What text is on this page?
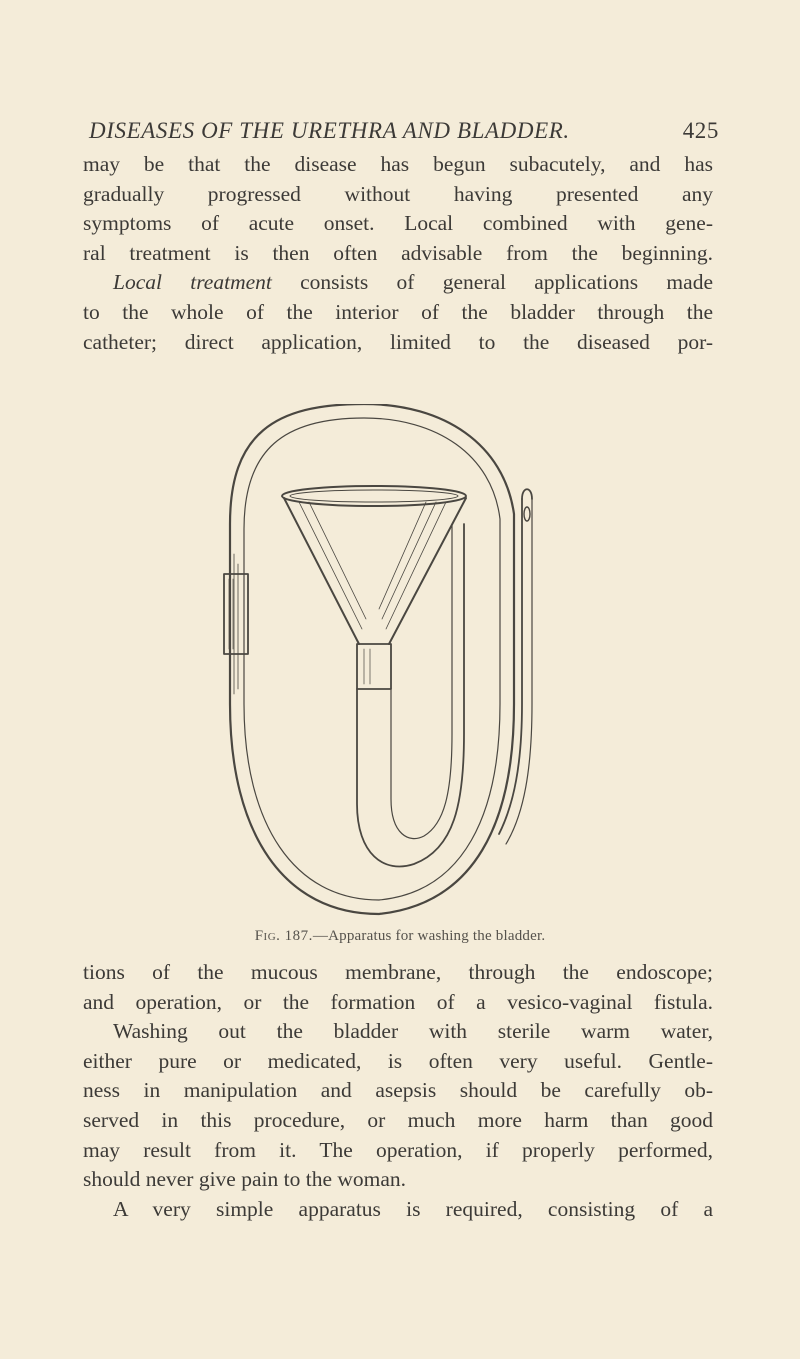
DISEASES OF THE URETHRA AND BLADDER.	425

may be that the disease has begun subacutely, and has
gradually progressed without having presented any
symptoms of acute onset. Local combined with gene-
ral treatment is then often advisable from the beginning.
Local treatment consists of general applications made
to the whole of the interior of the bladder through the
catheter; direct application, limited to the diseased por-

Fig. 187.—Apparatus for washing the bladder.

tions of the mucous membrane, through the endoscope;
and operation, or the formation of a vesico-vaginal fistula.
Washing out the bladder with sterile warm water,
either pure or medicated, is often very useful. Gentle-
ness in manipulation and asepsis should be carefully ob-
served in this procedure, or much more harm than good
may result from it. The operation, if properly performed,
should never give pain to the woman.
A very simple apparatus is required, consisting of a
